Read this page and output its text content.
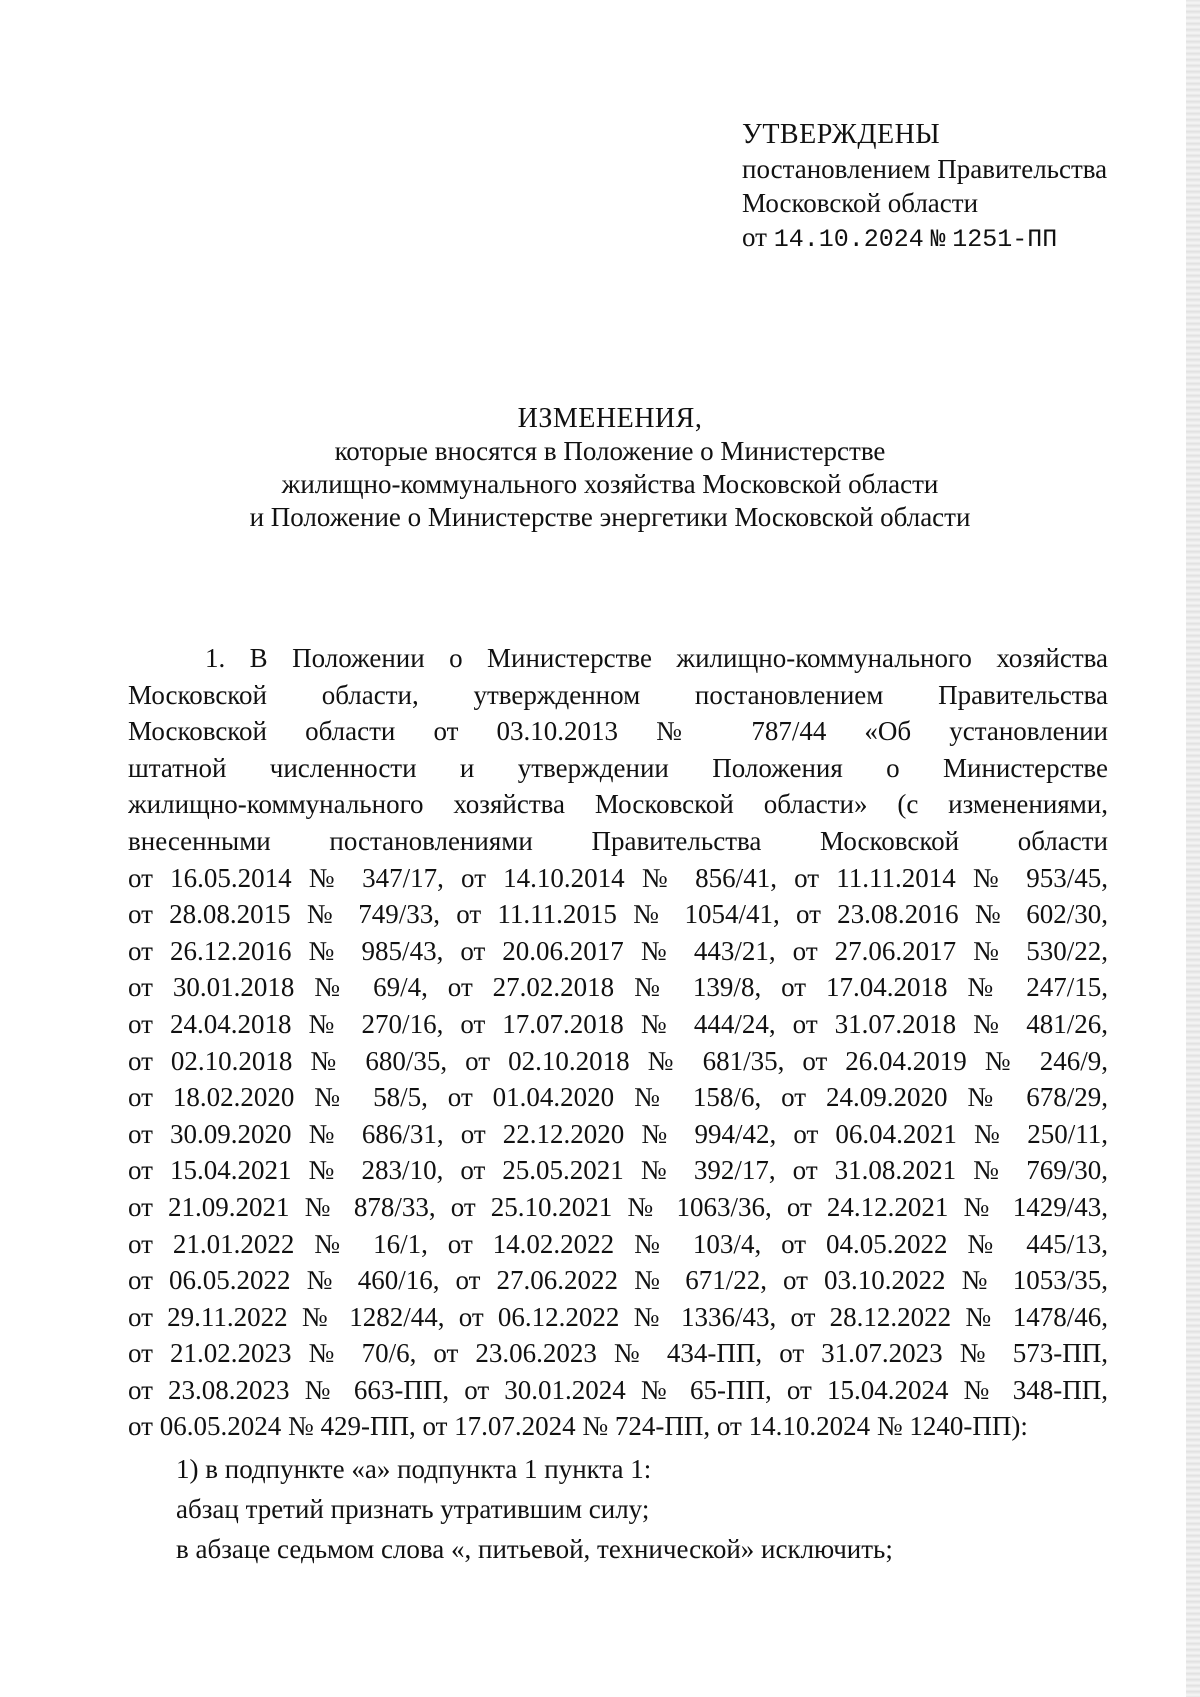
УТВЕРЖДЕНЫ
постановлением Правительства
Московской области
от 14.10.2024 № 1251-ПП
ИЗМЕНЕНИЯ,
которые вносятся в Положение о Министерстве
жилищно-коммунального хозяйства Московской области
и Положение о Министерстве энергетики Московской области
1. В Положении о Министерстве жилищно-коммунального хозяйства
Московской области, утвержденном постановлением Правительства
Московской области от 03.10.2013 № 787/44 «Об установлении
штатной численности и утверждении Положения о Министерстве
жилищно-коммунального хозяйства Московской области» (с изменениями,
внесенными постановлениями Правительства Московской области
от 16.05.2014 № 347/17, от 14.10.2014 № 856/41, от 11.11.2014 № 953/45,
от 28.08.2015 № 749/33, от 11.11.2015 № 1054/41, от 23.08.2016 № 602/30,
от 26.12.2016 № 985/43, от 20.06.2017 № 443/21, от 27.06.2017 № 530/22,
от 30.01.2018 № 69/4, от 27.02.2018 № 139/8, от 17.04.2018 № 247/15,
от 24.04.2018 № 270/16, от 17.07.2018 № 444/24, от 31.07.2018 № 481/26,
от 02.10.2018 № 680/35, от 02.10.2018 № 681/35, от 26.04.2019 № 246/9,
от 18.02.2020 № 58/5, от 01.04.2020 № 158/6, от 24.09.2020 № 678/29,
от 30.09.2020 № 686/31, от 22.12.2020 № 994/42, от 06.04.2021 № 250/11,
от 15.04.2021 № 283/10, от 25.05.2021 № 392/17, от 31.08.2021 № 769/30,
от 21.09.2021 № 878/33, от 25.10.2021 № 1063/36, от 24.12.2021 № 1429/43,
от 21.01.2022 № 16/1, от 14.02.2022 № 103/4, от 04.05.2022 № 445/13,
от 06.05.2022 № 460/16, от 27.06.2022 № 671/22, от 03.10.2022 № 1053/35,
от 29.11.2022 № 1282/44, от 06.12.2022 № 1336/43, от 28.12.2022 № 1478/46,
от 21.02.2023 № 70/6, от 23.06.2023 № 434-ПП, от 31.07.2023 № 573-ПП,
от 23.08.2023 № 663-ПП, от 30.01.2024 № 65-ПП, от 15.04.2024 № 348-ПП,
от 06.05.2024 № 429-ПП, от 17.07.2024 № 724-ПП, от 14.10.2024 № 1240-ПП):
1) в подпункте «а» подпункта 1 пункта 1:
абзац третий признать утратившим силу;
в абзаце седьмом слова «, питьевой, технической» исключить;
